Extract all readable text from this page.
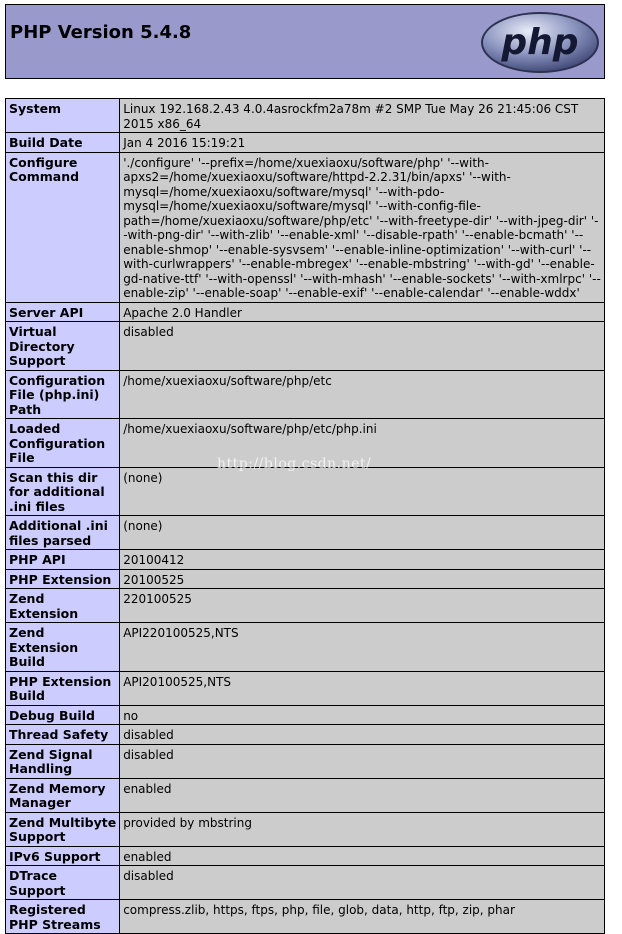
PHP Version 5.4.8	php
System	Linux 192.168.2.43 4.0.4asrockfm2a78m #2 SMP Tue May 26 21:45:06 CST 2015 x86_64
Build Date	Jan 4 2016 15:19:21
Configure Command	'./configure' '--prefix=/home/xuexiaoxu/software/php' '--with-apxs2=/home/xuexiaoxu/software/httpd-2.2.31/bin/apxs' '--with-mysql=/home/xuexiaoxu/software/mysql' '--with-pdo-mysql=/home/xuexiaoxu/software/mysql' '--with-config-file-path=/home/xuexiaoxu/software/php/etc' '--with-freetype-dir' '--with-jpeg-dir' '--with-png-dir' '--with-zlib' '--enable-xml' '--disable-rpath' '--enable-bcmath' '--enable-shmop' '--enable-sysvsem' '--enable-inline-optimization' '--with-curl' '--with-curlwrappers' '--enable-mbregex' '--enable-mbstring' '--with-gd' '--enable-gd-native-ttf' '--with-openssl' '--with-mhash' '--enable-sockets' '--with-xmlrpc' '--enable-zip' '--enable-soap' '--enable-exif' '--enable-calendar' '--enable-wddx'
Server API	Apache 2.0 Handler
Virtual Directory Support	disabled
Configuration File (php.ini) Path	/home/xuexiaoxu/software/php/etc
Loaded Configuration File	/home/xuexiaoxu/software/php/etc/php.ini
Scan this dir for additional .ini files	(none)
Additional .ini files parsed	(none)
PHP API	20100412
PHP Extension	20100525
Zend Extension	220100525
Zend Extension Build	API220100525,NTS
PHP Extension Build	API20100525,NTS
Debug Build	no
Thread Safety	disabled
Zend Signal Handling	disabled
Zend Memory Manager	enabled
Zend Multibyte Support	provided by mbstring
IPv6 Support	enabled
DTrace Support	disabled
Registered PHP Streams	compress.zlib, https, ftps, php, file, glob, data, http, ftp, zip, phar
http://blog.csdn.net/
